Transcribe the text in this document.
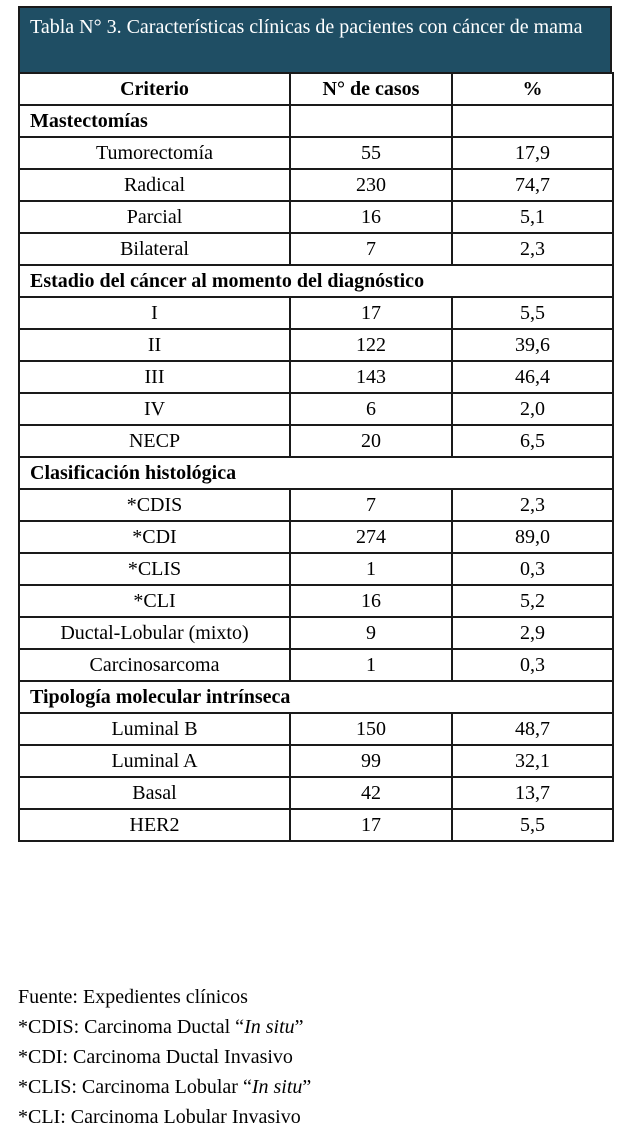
Tabla N° 3. Características clínicas de pacientes con cáncer de mama
Criterio	N° de casos	%
Mastectomías		
Tumorectomía	55	17,9
Radical	230	74,7
Parcial	16	5,1
Bilateral	7	2,3
Estadio del cáncer al momento del diagnóstico		
I	17	5,5
II	122	39,6
III	143	46,4
IV	6	2,0
NECP	20	6,5
Clasificación histológica		
*CDIS	7	2,3
*CDI	274	89,0
*CLIS	1	0,3
*CLI	16	5,2
Ductal-Lobular (mixto)	9	2,9
Carcinosarcoma	1	0,3
Tipología molecular intrínseca		
Luminal B	150	48,7
Luminal A	99	32,1
Basal	42	13,7
HER2	17	5,5
Fuente: Expedientes clínicos
*CDIS: Carcinoma Ductal “In situ”
*CDI: Carcinoma Ductal Invasivo
*CLIS: Carcinoma Lobular “In situ”
*CLI: Carcinoma Lobular Invasivo
